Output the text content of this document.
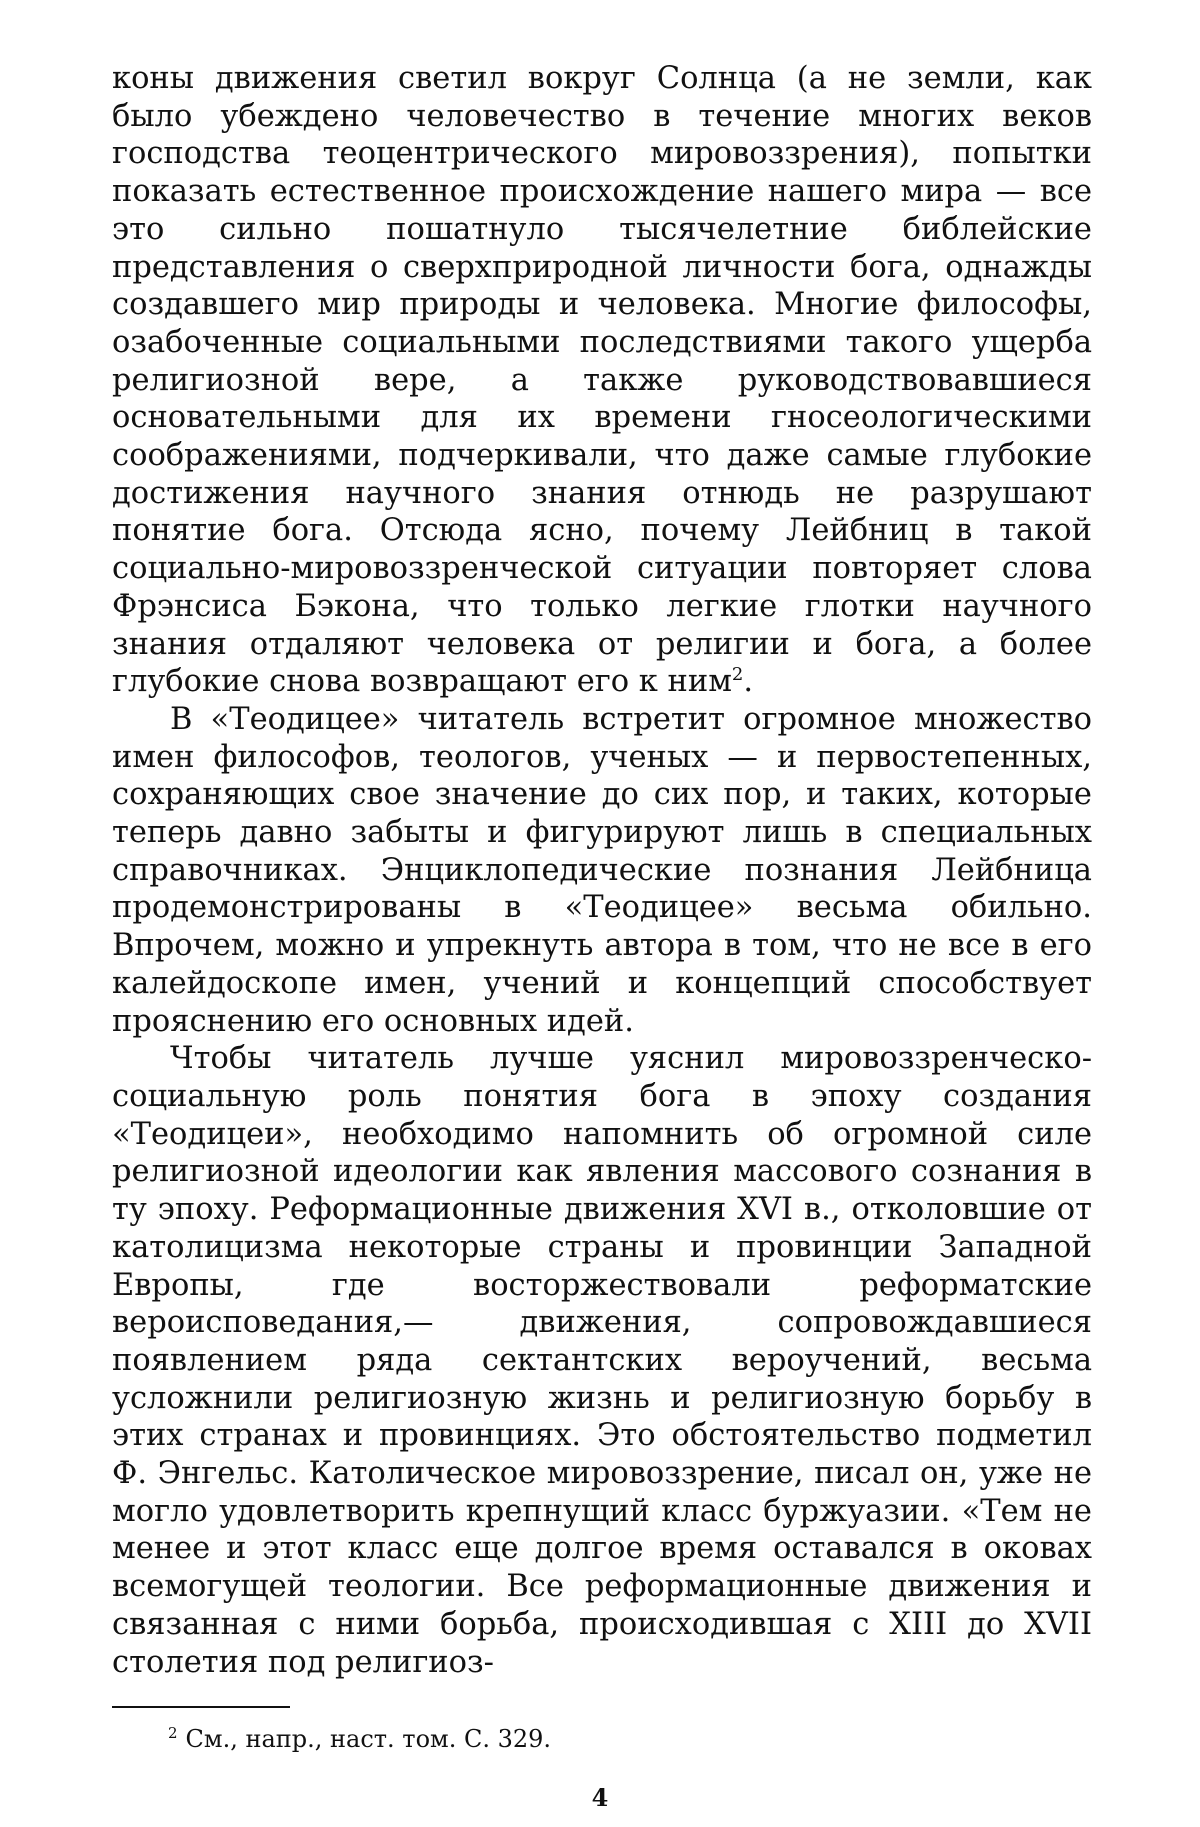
коны движения светил вокруг Солнца (а не земли, как было убеждено человечество в течение многих веков господства теоцентрического мировоззрения), попытки показать естественное происхождение нашего мира — все это сильно пошатнуло тысячелетние библейские представления о сверхприродной личности бога, однажды создавшего мир природы и человека. Многие философы, озабоченные социальными последствиями такого ущерба религиозной вере, а также руководствовавшиеся основательными для их времени гносеологическими соображениями, подчеркивали, что даже самые глубокие достижения научного знания отнюдь не разрушают понятие бога. Отсюда ясно, почему Лейбниц в такой социально-мировоззренческой ситуации повторяет слова Фрэнсиса Бэкона, что только легкие глотки научного знания отдаляют человека от религии и бога, а более глубокие снова возвращают его к ним$^2$.

В «Теодицее» читатель встретит огромное множество имен философов, теологов, ученых — и первостепенных, сохраняющих свое значение до сих пор, и таких, которые теперь давно забыты и фигурируют лишь в специальных справочниках. Энциклопедические познания Лейбница продемонстрированы в «Теодицее» весьма обильно. Впрочем, можно и упрекнуть автора в том, что не все в его калейдоскопе имен, учений и концепций способствует прояснению его основных идей.

Чтобы читатель лучше уяснил мировоззренческо-социальную роль понятия бога в эпоху создания «Теодицеи», необходимо напомнить об огромной силе религиозной идеологии как явления массового сознания в ту эпоху. Реформационные движения XVI в., отколовшие от католицизма некоторые страны и провинции Западной Европы, где восторжествовали реформатские вероисповедания,— движения, сопровождавшиеся появлением ряда сектантских вероучений, весьма усложнили религиозную жизнь и религиозную борьбу в этих странах и провинциях. Это обстоятельство подметил Ф. Энгельс. Католическое мировоззрение, писал он, уже не могло удовлетворить крепнущий класс буржуазии. «Тем не менее и этот класс еще долгое время оставался в оковах всемогущей теологии. Все реформационные движения и связанная с ними борьба, происходившая с XIII до XVII столетия под религиоз-

$^2$ См., напр., наст. том. С. 329.

4
